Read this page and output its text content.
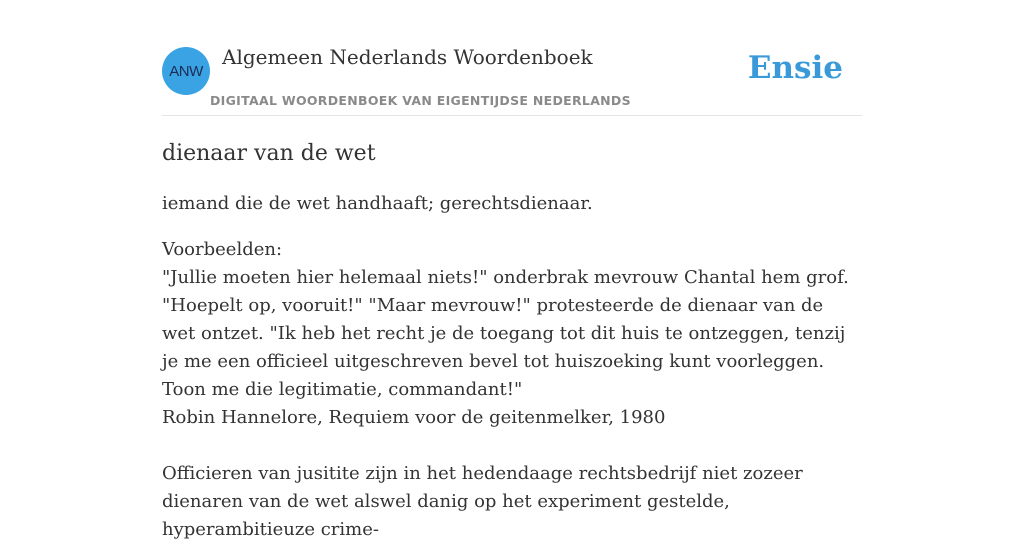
ANW
Algemeen Nederlands Woordenboek
DIGITAAL WOORDENBOEK VAN EIGENTIJDSE NEDERLANDS
Ensie
dienaar van de wet

iemand die de wet handhaaft; gerechtsdienaar.

Voorbeelden:
"Jullie moeten hier helemaal niets!" onderbrak mevrouw Chantal hem grof. "Hoepelt op, vooruit!" "Maar mevrouw!" protesteerde de dienaar van de wet ontzet. "Ik heb het recht je de toegang tot dit huis te ontzeggen, tenzij je me een officieel uitgeschreven bevel tot huiszoeking kunt voorleggen. Toon me die legitimatie, commandant!"
Robin Hannelore, Requiem voor de geitenmelker, 1980
Officieren van jusitite zijn in het hedendaage rechtsbedrijf niet zozeer dienaren van de wet alswel danig op het experiment gestelde, hyperambitieuze crime-
